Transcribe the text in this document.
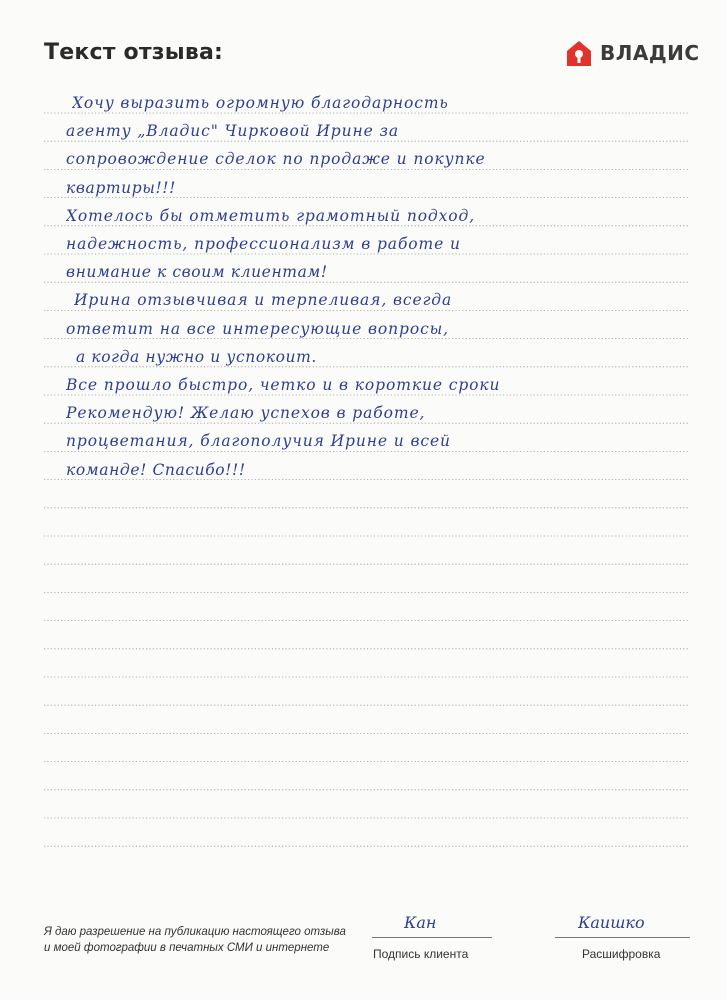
Текст отзыва:	ВЛАДИС
Хочу выразить огромную благодарность
агенту „Владис" Чирковой Ирине за
сопровождение сделок по продаже и покупке
квартиры!!!
Хотелось бы отметить грамотный подход,
надежность, профессионализм в работе и
внимание к своим клиентам!
Ирина отзывчивая и терпеливая, всегда
ответит на все интересующие вопросы,
а когда нужно и успокоит.
Все прошло быстро, четко и в короткие сроки
Рекомендую! Желаю успехов в работе,
процветания, благополучия Ирине и всей
команде! Спасибо!!!
Я даю разрешение на публикацию настоящего отзыва
и моей фотографии в печатных СМИ и интернете
Кан
Подпись клиента
Каишко
Расшифровка
